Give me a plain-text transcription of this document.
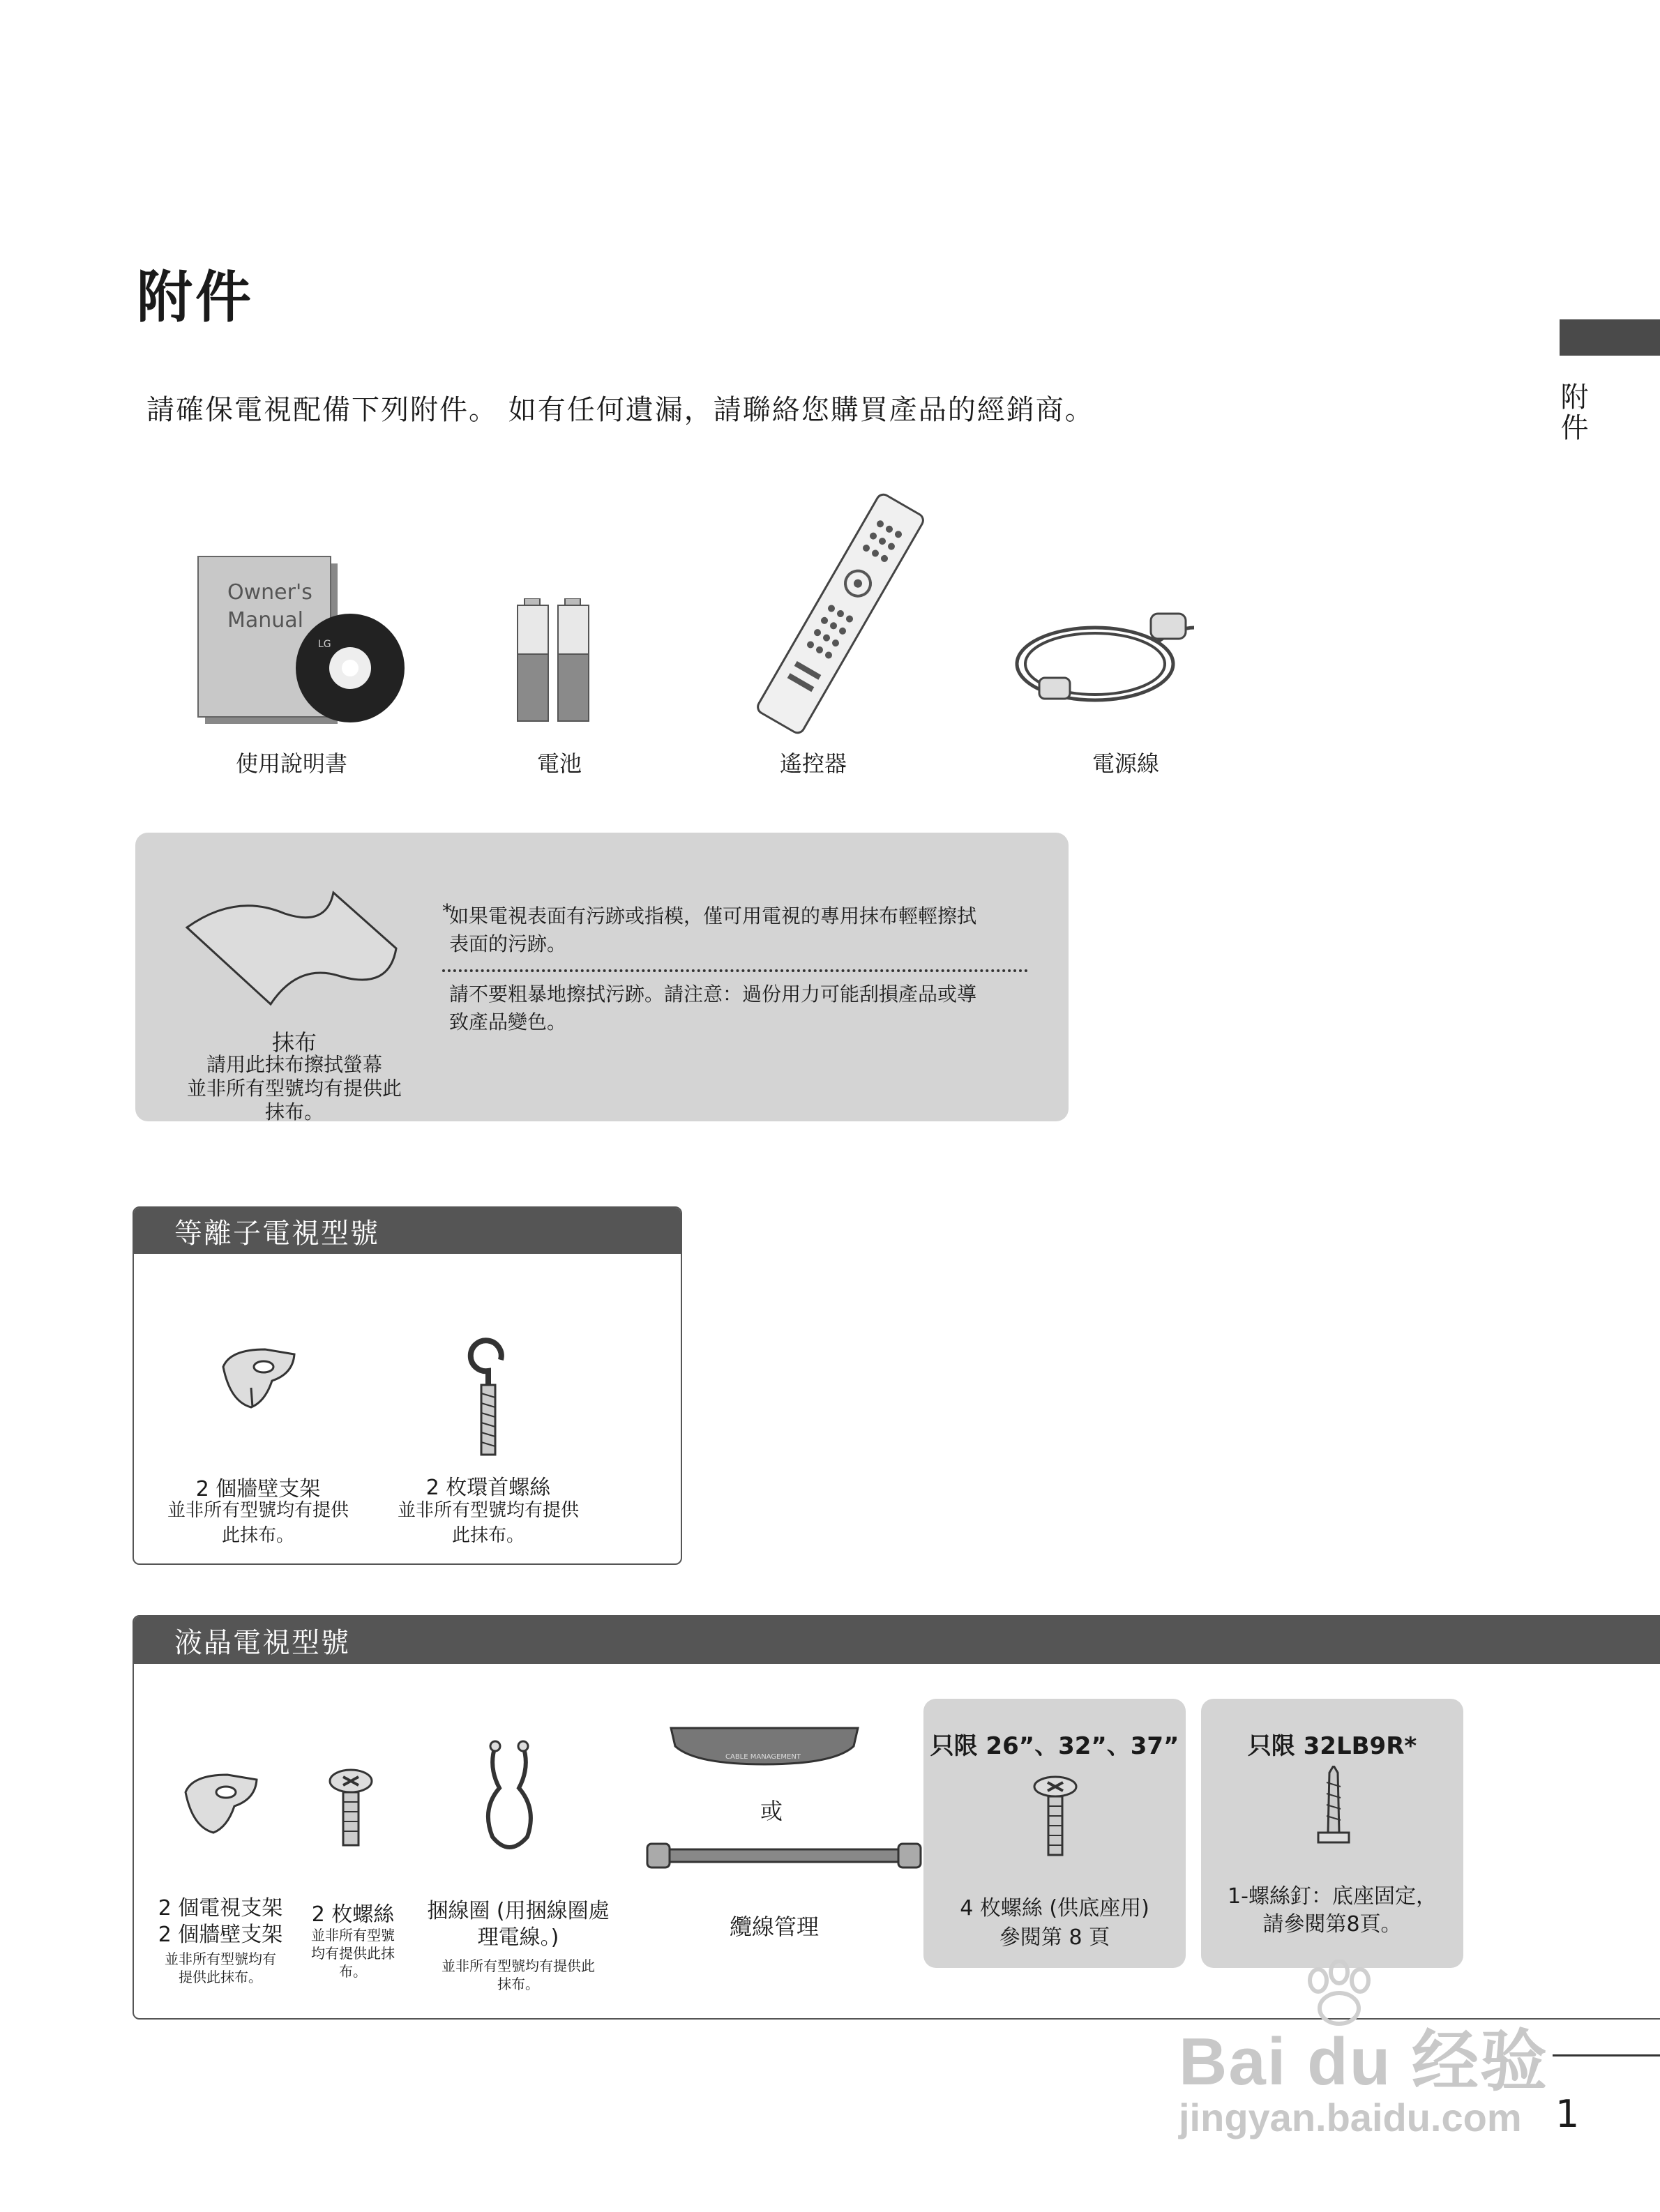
附件
請確保電視配備下列附件。 如有任何遺漏，請聯絡您購買產品的經銷商。	附件
Owner's
Manual
LG
使用說明書	電池	遙控器	電源線
抹布
請用此抹布擦拭螢幕
並非所有型號均有提供此
抹布。
*
如果電視表面有污跡或指模，僅可用電視的專用抹布輕輕擦拭
表面的污跡。
請不要粗暴地擦拭污跡。請注意：過份用力可能刮損產品或導
致產品變色。
等離子電視型號
2 個牆壁支架
並非所有型號均有提供
此抹布。
2 枚環首螺絲
並非所有型號均有提供
此抹布。
液晶電視型號
2 個電視支架
2 個牆壁支架
並非所有型號均有
提供此抹布。
2 枚螺絲
並非所有型號
均有提供此抹
布。
捆線圈 (用捆線圈處
理電線。)
並非所有型號均有提供此
抹布。
CABLE MANAGEMENT
或
纜線管理
只限 26”、32”、37”
4 枚螺絲 (供底座用)
參閱第 8 頁
只限 32LB9R*
1-螺絲釘：底座固定，
請參閱第8頁。
Bai du 经验
jingyan.baidu.com 1
